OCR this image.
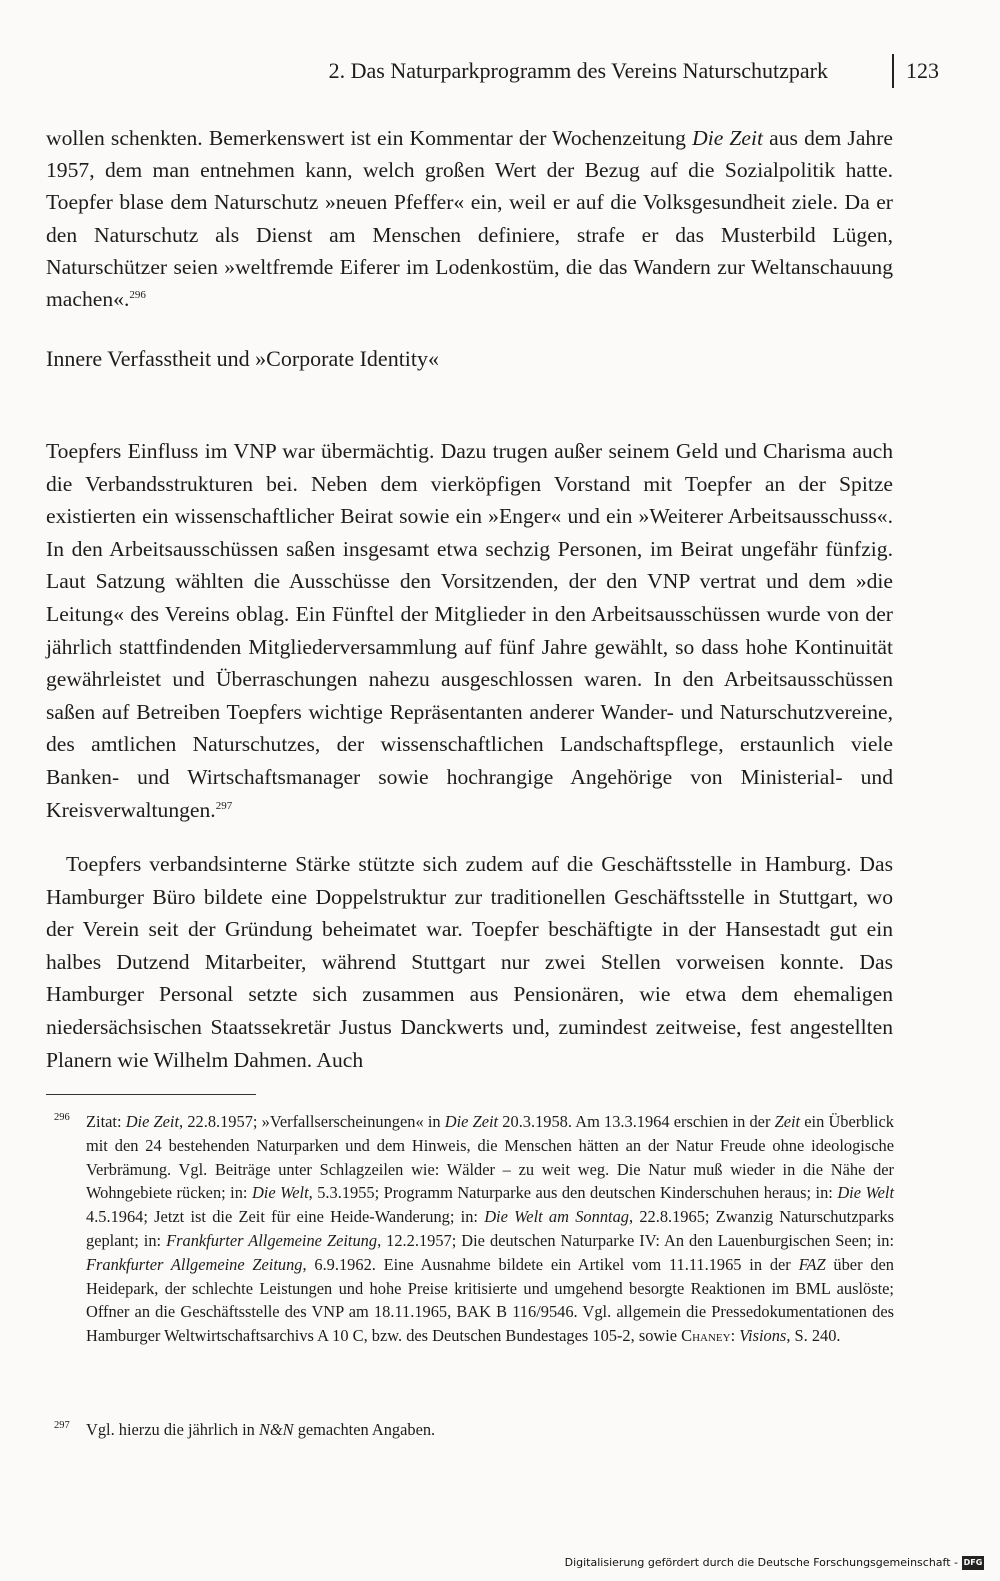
2. Das Naturparkprogramm des Vereins Naturschutzpark	123
wollen schenkten. Bemerkenswert ist ein Kommentar der Wochenzeitung Die Zeit aus dem Jahre 1957, dem man entnehmen kann, welch großen Wert der Bezug auf die Sozialpolitik hatte. Toepfer blase dem Naturschutz »neuen Pfeffer« ein, weil er auf die Volksgesundheit ziele. Da er den Naturschutz als Dienst am Menschen definiere, strafe er das Musterbild Lügen, Naturschützer seien »weltfremde Eiferer im Lodenkostüm, die das Wandern zur Weltanschauung machen«.$^{296}$
Innere Verfasstheit und »Corporate Identity«
Toepfers Einfluss im VNP war übermächtig. Dazu trugen außer seinem Geld und Charisma auch die Verbandsstrukturen bei. Neben dem vierköpfigen Vorstand mit Toepfer an der Spitze existierten ein wissenschaftlicher Beirat sowie ein »Enger« und ein »Weiterer Arbeitsausschuss«. In den Arbeitsausschüssen saßen insgesamt etwa sechzig Personen, im Beirat ungefähr fünfzig. Laut Satzung wählten die Ausschüsse den Vorsitzenden, der den VNP vertrat und dem »die Leitung« des Vereins oblag. Ein Fünftel der Mitglieder in den Arbeitsausschüssen wurde von der jährlich stattfindenden Mitgliederversammlung auf fünf Jahre gewählt, so dass hohe Kontinuität gewährleistet und Überraschungen nahezu ausgeschlossen waren. In den Arbeitsausschüssen saßen auf Betreiben Toepfers wichtige Repräsentanten anderer Wander- und Naturschutzvereine, des amtlichen Naturschutzes, der wissenschaftlichen Landschaftspflege, erstaunlich viele Banken- und Wirtschaftsmanager sowie hochrangige Angehörige von Ministerial- und Kreisverwaltungen.$^{297}$
Toepfers verbandsinterne Stärke stützte sich zudem auf die Geschäftsstelle in Hamburg. Das Hamburger Büro bildete eine Doppelstruktur zur traditionellen Geschäftsstelle in Stuttgart, wo der Verein seit der Gründung beheimatet war. Toepfer beschäftigte in der Hansestadt gut ein halbes Dutzend Mitarbeiter, während Stuttgart nur zwei Stellen vorweisen konnte. Das Hamburger Personal setzte sich zusammen aus Pensionären, wie etwa dem ehemaligen niedersächsischen Staatssekretär Justus Danckwerts und, zumindest zeitweise, fest angestellten Planern wie Wilhelm Dahmen. Auch
296 Zitat: Die Zeit, 22.8.1957; »Verfallserscheinungen« in Die Zeit 20.3.1958. Am 13.3.1964 erschien in der Zeit ein Überblick mit den 24 bestehenden Naturparken und dem Hinweis, die Menschen hätten an der Natur Freude ohne ideologische Verbrämung. Vgl. Beiträge unter Schlagzeilen wie: Wälder – zu weit weg. Die Natur muß wieder in die Nähe der Wohngebiete rücken; in: Die Welt, 5.3.1955; Programm Naturparke aus den deutschen Kinderschuhen heraus; in: Die Welt 4.5.1964; Jetzt ist die Zeit für eine Heide-Wanderung; in: Die Welt am Sonntag, 22.8.1965; Zwanzig Naturschutzparks geplant; in: Frankfurter Allgemeine Zeitung, 12.2.1957; Die deutschen Naturparke IV: An den Lauenburgischen Seen; in: Frankfurter Allgemeine Zeitung, 6.9.1962. Eine Ausnahme bildete ein Artikel vom 11.11.1965 in der FAZ über den Heidepark, der schlechte Leistungen und hohe Preise kritisierte und umgehend besorgte Reaktionen im BML auslöste; Offner an die Geschäftsstelle des VNP am 18.11.1965, BAK B 116/9546. Vgl. allgemein die Pressedokumentationen des Hamburger Weltwirtschaftsarchivs A 10 C, bzw. des Deutschen Bundestages 105-2, sowie Chaney: Visions, S. 240.
297 Vgl. hierzu die jährlich in N&N gemachten Angaben.
Digitalisierung gefördert durch die Deutsche Forschungsgemeinschaft - DFG
